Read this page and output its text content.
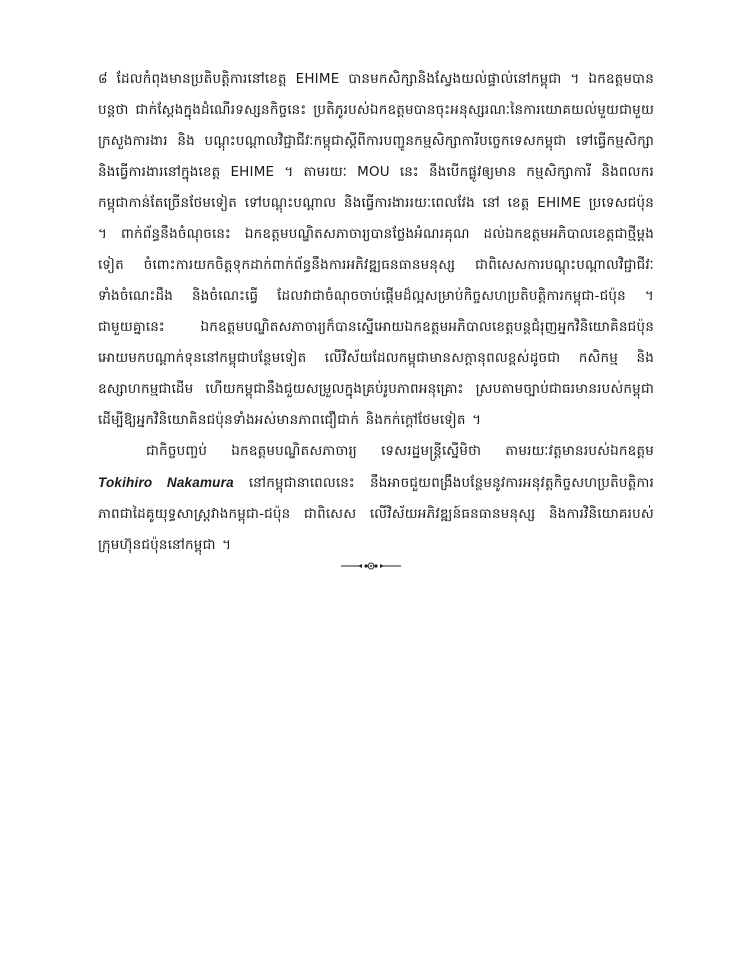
៨ ដែលកំពុងមានប្រតិបត្តិការនៅខេត្ត EHIME បានមកសិក្សានិងស្វែងយល់ផ្ទាល់នៅកម្ពុជា ។ ឯកឧត្តមបានបន្តថា ជាក់ស្តែងក្នុងដំណើរទស្សនកិច្ចនេះ ប្រតិភូរបស់ឯកឧត្តមបានចុះអនុស្សរណៈនៃការយោគយល់មួយជាមួយក្រសួងការងារ និង បណ្តុះបណ្តាលវិជ្ជាជីវៈកម្ពុជាស្តីពីការបញ្ជូនកម្មសិក្សាការីបច្ចេកទេសកម្ពុជា ទៅធ្វើកម្មសិក្សា និងធ្វើការងារនៅក្នុងខេត្ត EHIME ។ តាមរយៈ MOU នេះ នឹងបើកផ្លូវឲ្យមាន កម្មសិក្សាការី និងពលករកម្ពុជាកាន់តែច្រើនថែមទៀត ទៅបណ្តុះបណ្តាល និងធ្វើការងាររយៈពេលវែង នៅ ខេត្ត EHIME ប្រទេសជប៉ុន ។ ពាក់ព័ន្ធនឹងចំណុចនេះ ឯកឧត្តមបណ្ឌិតសភាចារ្យបានថ្លែងអំណរគុណ ដល់ឯកឧត្តមអភិបាលខេត្តជាថ្មីម្តងទៀត ចំពោះការយកចិត្តទុកដាក់ពាក់ព័ន្ធនឹងការអភិវឌ្ឍធនធានមនុស្ស ជាពិសេសការបណ្តុះបណ្តាលវិជ្ជាជីវៈ ទាំងចំណេះដឹង និងចំណេះធ្វើ ដែលវាជាចំណុចចាប់ផ្តើមដ៏ល្អសម្រាប់កិច្ចសហប្រតិបត្តិការកម្ពុជា-ជប៉ុន ។ ជាមួយគ្នានេះ ឯកឧត្តមបណ្ឌិតសភាចារ្យក៏បានស្នើអោយឯកឧត្តមអភិបាលខេត្តបន្តជំរុញអ្នកវិនិយោគិនជប៉ុនអោយមកបណ្តាក់ទុននៅកម្ពុជាបន្ថែមទៀត លើវិស័យដែលកម្ពុជាមានសក្តានុពលខ្ពស់ដូចជា កសិកម្ម និងឧស្សាហកម្មជាដើម ហើយកម្ពុជានឹងជួយសម្រួលក្នុងគ្រប់រូបភាពអនុគ្រោះ ស្របតាមច្បាប់ជាធរមានរបស់កម្ពុជា ដើម្បីឱ្យអ្នកវិនិយោគិនជប៉ុនទាំងអស់មានភាពជឿជាក់ និងកក់ក្តៅថែមទៀត ។

ជាកិច្ចបញ្ចប់ ឯកឧត្តមបណ្ឌិតសភាចារ្យ ទេសរដ្ឋមន្ត្រីស្នើមិថា តាមរយៈវត្តមានរបស់ឯកឧត្តម Tokihiro Nakamura នៅកម្ពុជានាពេលនេះ នឹងអាចជួយពង្រឹងបន្ថែមនូវការអនុវត្តកិច្ចសហប្រតិបត្តិការភាពជាដៃគូយុទ្ធសាស្ត្រវាងកម្ពុជា-ជប៉ុន ជាពិសេស លើវិស័យអភិវឌ្ឍន៍ធនធានមនុស្ស និងការវិនិយោគរបស់ក្រុមហ៊ុនជប៉ុននៅកម្ពុជា ។
